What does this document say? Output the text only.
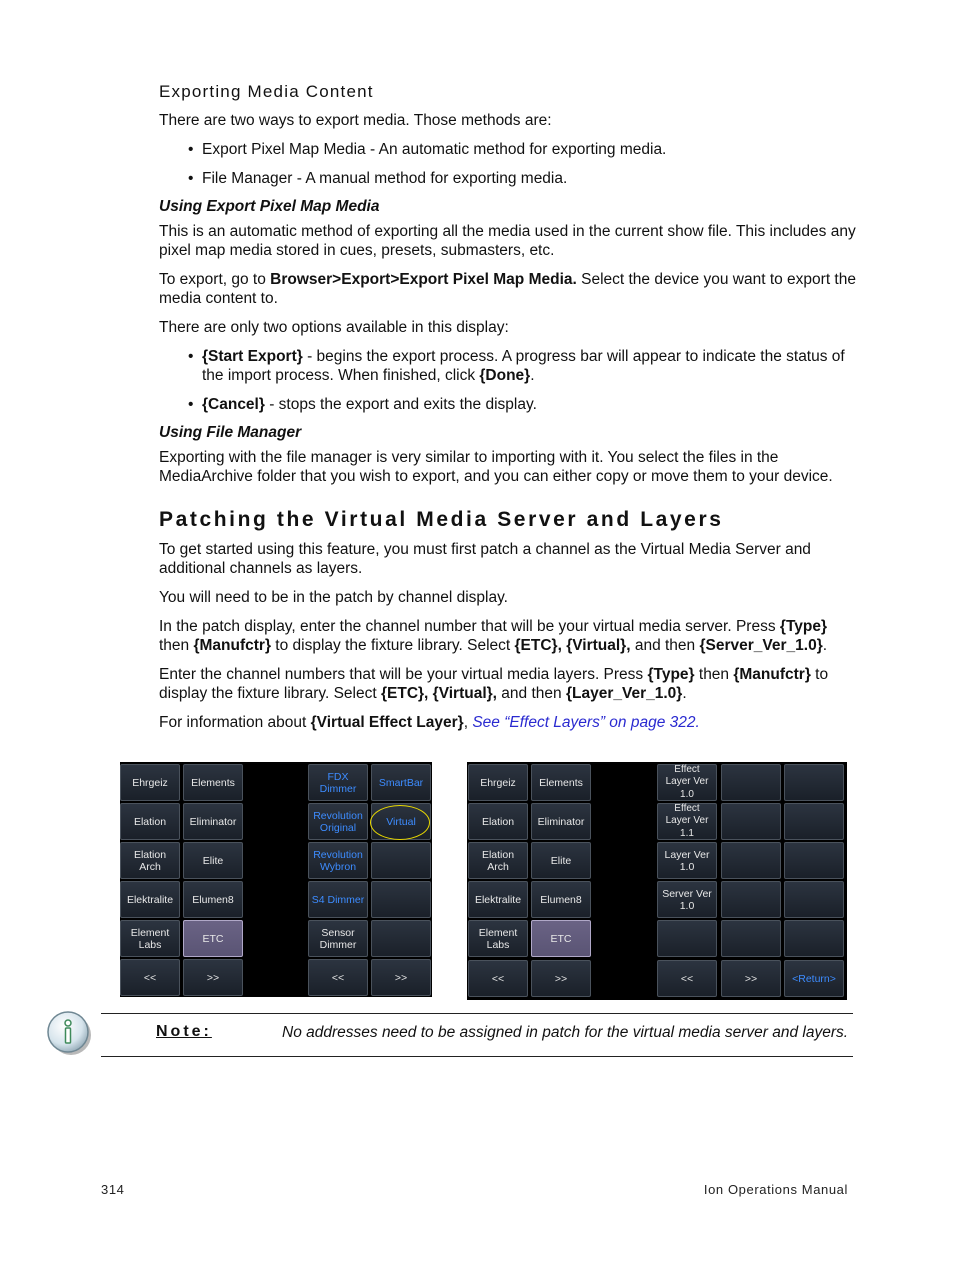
Exporting Media Content
There are two ways to export media. Those methods are:
• Export Pixel Map Media - An automatic method for exporting media.
• File Manager - A manual method for exporting media.
Using Export Pixel Map Media
This is an automatic method of exporting all the media used in the current show file. This includes any pixel map media stored in cues, presets, submasters, etc.
To export, go to Browser>Export>Export Pixel Map Media. Select the device you want to export the media content to.
There are only two options available in this display:
• {Start Export} - begins the export process. A progress bar will appear to indicate the status of the import process. When finished, click {Done}.
• {Cancel} - stops the export and exits the display.
Using File Manager
Exporting with the file manager is very similar to importing with it. You select the files in the MediaArchive folder that you wish to export, and you can either copy or move them to your device.
Patching the Virtual Media Server and Layers
To get started using this feature, you must first patch a channel as the Virtual Media Server and additional channels as layers.
You will need to be in the patch by channel display.
In the patch display, enter the channel number that will be your virtual media server. Press {Type} then {Manufctr} to display the fixture library. Select {ETC}, {Virtual}, and then {Server_Ver_1.0}.
Enter the channel numbers that will be your virtual media layers. Press {Type} then {Manufctr} to display the fixture library. Select {ETC}, {Virtual}, and then {Layer_Ver_1.0}.
For information about {Virtual Effect Layer}, See “Effect Layers” on page 322.
Ehrgeiz
Elation
Elation
Arch
Elektralite
Element
Labs
<<
Elements
Eliminator
Elite
Elumen8
ETC
>>
FDX
Dimmer
Revolution
Original
Revolution
Wybron
S4 Dimmer
Sensor
Dimmer
<<
SmartBar
Virtual
>>
Ehrgeiz
Elation
Elation
Arch
Elektralite
Element
Labs
<<
Elements
Eliminator
Elite
Elumen8
ETC
>>
Effect
Layer Ver
1.0
Effect
Layer Ver
1.1
Layer Ver
1.0
Server Ver
1.0
<<	>>	<Return>
Note:	No addresses need to be assigned in patch for the virtual media server and layers.
314	Ion Operations Manual
